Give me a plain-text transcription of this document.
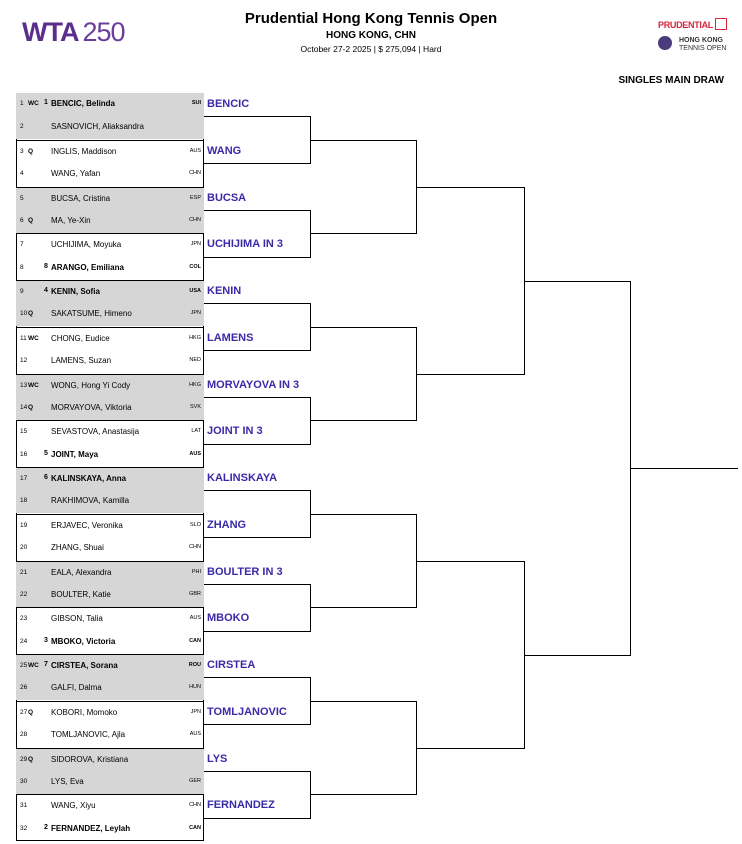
WTA 250	Prudential Hong Kong Tennis Open
HONG KONG, CHN
October 27-2 2025 | $ 275,094 | Hard
PRUDENTIAL
HONG KONG
TENNIS OPEN
SINGLES MAIN DRAW
1 WC 1 BENCIC, Belinda	SUI
2	SASNOVICH, Aliaksandra
3 Q INGLIS, Maddison	AUS
4	WANG, Yafan	CHN
5	BUCSA, Cristina	ESP
6 Q MA, Ye-Xin	CHN
7	UCHIJIMA, Moyuka	JPN
8	8 ARANGO, Emiliana	COL
9	4 KENIN, Sofia	USA
10 Q SAKATSUME, Himeno	JPN
11 WC CHONG, Eudice	HKG
12	LAMENS, Suzan	NED
13 WC WONG, Hong Yi Cody	HKG
14 Q MORVAYOVA, Viktoria	SVK
15	SEVASTOVA, Anastasija	LAT
16 5 JOINT, Maya	AUS
17 6 KALINSKAYA, Anna
18	RAKHIMOVA, Kamilla
19	ERJAVEC, Veronika	SLO
20	ZHANG, Shuai	CHN
21	EALA, Alexandra	PHI
22	BOULTER, Katie	GBR
23	GIBSON, Talia	AUS
24 3 MBOKO, Victoria	CAN
25 WC 7 CIRSTEA, Sorana	ROU
26	GALFI, Dalma	HUN
27 Q KOBORI, Momoko	JPN
28	TOMLJANOVIC, Ajla	AUS
29 Q SIDOROVA, Kristiana
30	LYS, Eva	GER
31	WANG, Xiyu	CHN
32 2 FERNANDEZ, Leylah	CAN
BENCIC
WANG
BUCSA
UCHIJIMA IN 3
KENIN
LAMENS
MORVAYOVA IN 3
JOINT IN 3
KALINSKAYA
ZHANG
BOULTER IN 3
MBOKO
CIRSTEA
TOMLJANOVIC
LYS
FERNANDEZ
